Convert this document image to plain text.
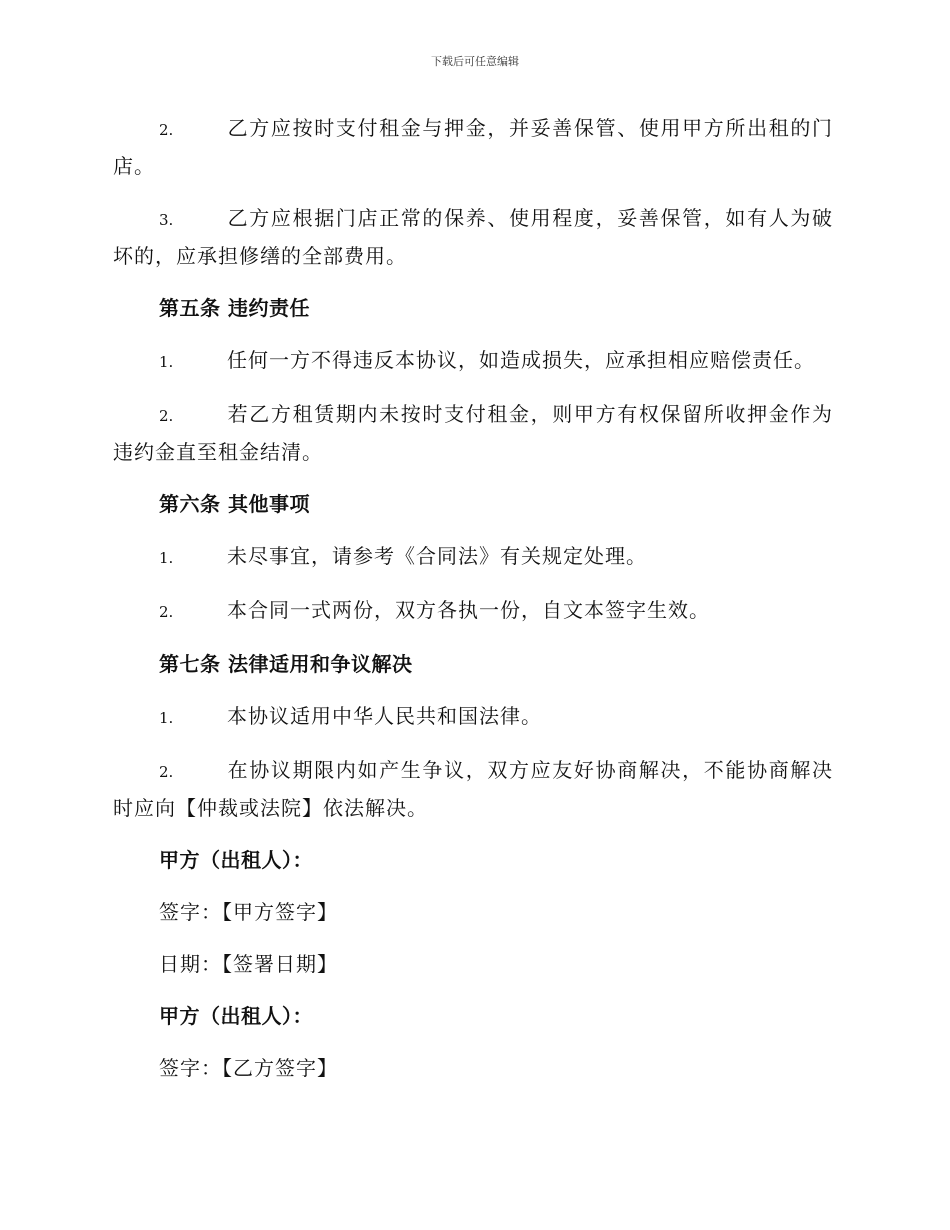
下载后可任意编辑

2.	乙方应按时支付租金与押金，并妥善保管、使用甲方所出租的门店。

3.	乙方应根据门店正常的保养、使用程度，妥善保管，如有人为破坏的，应承担修缮的全部费用。

第五条 违约责任

1.	任何一方不得违反本协议，如造成损失，应承担相应赔偿责任。

2.	若乙方租赁期内未按时支付租金，则甲方有权保留所收押金作为违约金直至租金结清。

第六条 其他事项

1.	未尽事宜，请参考《合同法》有关规定处理。

2.	本合同一式两份，双方各执一份，自文本签字生效。

第七条 法律适用和争议解决

1.	本协议适用中华人民共和国法律。

2.	在协议期限内如产生争议，双方应友好协商解决，不能协商解决时应向【仲裁或法院】依法解决。

甲方（出租人）：
签字：【甲方签字】
日期：【签署日期】
甲方（出租人）：
签字：【乙方签字】
